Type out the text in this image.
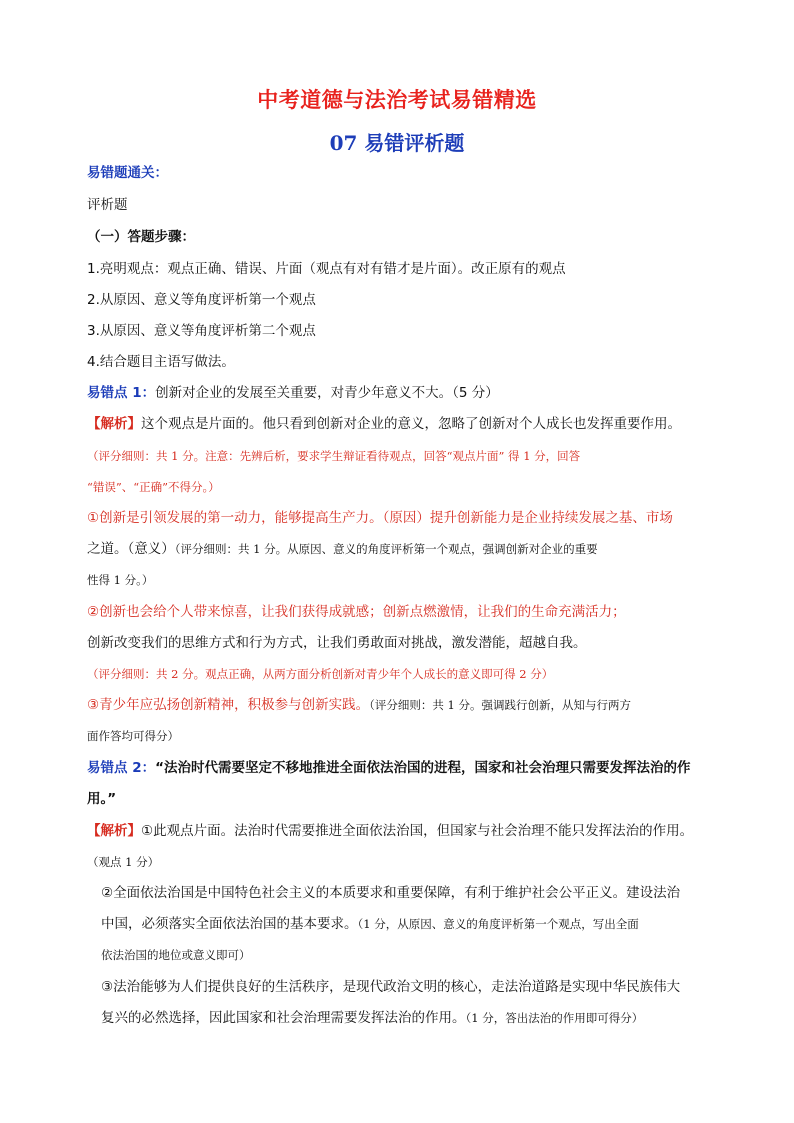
中考道德与法治考试易错精选
07 易错评析题
易错题通关：
评析题
（一）答题步骤：
1.亮明观点：观点正确、错误、片面（观点有对有错才是片面）。改正原有的观点
2.从原因、意义等角度评析第一个观点
3.从原因、意义等角度评析第二个观点
4.结合题目主语写做法。
易错点 1：创新对企业的发展至关重要，对青少年意义不大。（5 分）
【解析】这个观点是片面的。他只看到创新对企业的意义，忽略了创新对个人成长也发挥重要作用。
（评分细则：共 1 分。注意：先辨后析，要求学生辩证看待观点，回答“观点片面” 得 1 分，回答
“错误”、“正确”不得分。）
①创新是引领发展的第一动力，能够提高生产力。（原因）提升创新能力是企业持续发展之基、市场
之道。（意义）（评分细则：共 1 分。从原因、意义的角度评析第一个观点，强调创新对企业的重要
性得 1 分。）
②创新也会给个人带来惊喜，让我们获得成就感；创新点燃激情，让我们的生命充满活力；
创新改变我们的思维方式和行为方式，让我们勇敢面对挑战，激发潜能，超越自我。
（评分细则：共 2 分。观点正确，从两方面分析创新对青少年个人成长的意义即可得 2 分）
③青少年应弘扬创新精神，积极参与创新实践。（评分细则：共 1 分。强调践行创新，从知与行两方
面作答均可得分）
易错点 2：“法治时代需要坚定不移地推进全面依法治国的进程，国家和社会治理只需要发挥法治的作
用。”
【解析】①此观点片面。法治时代需要推进全面依法治国，但国家与社会治理不能只发挥法治的作用。
（观点 1 分）
②全面依法治国是中国特色社会主义的本质要求和重要保障，有利于维护社会公平正义。建设法治
中国，必须落实全面依法治国的基本要求。（1 分，从原因、意义的角度评析第一个观点，写出全面
依法治国的地位或意义即可）
③法治能够为人们提供良好的生活秩序，是现代政治文明的核心，走法治道路是实现中华民族伟大
复兴的必然选择，因此国家和社会治理需要发挥法治的作用。（1 分，答出法治的作用即可得分）
